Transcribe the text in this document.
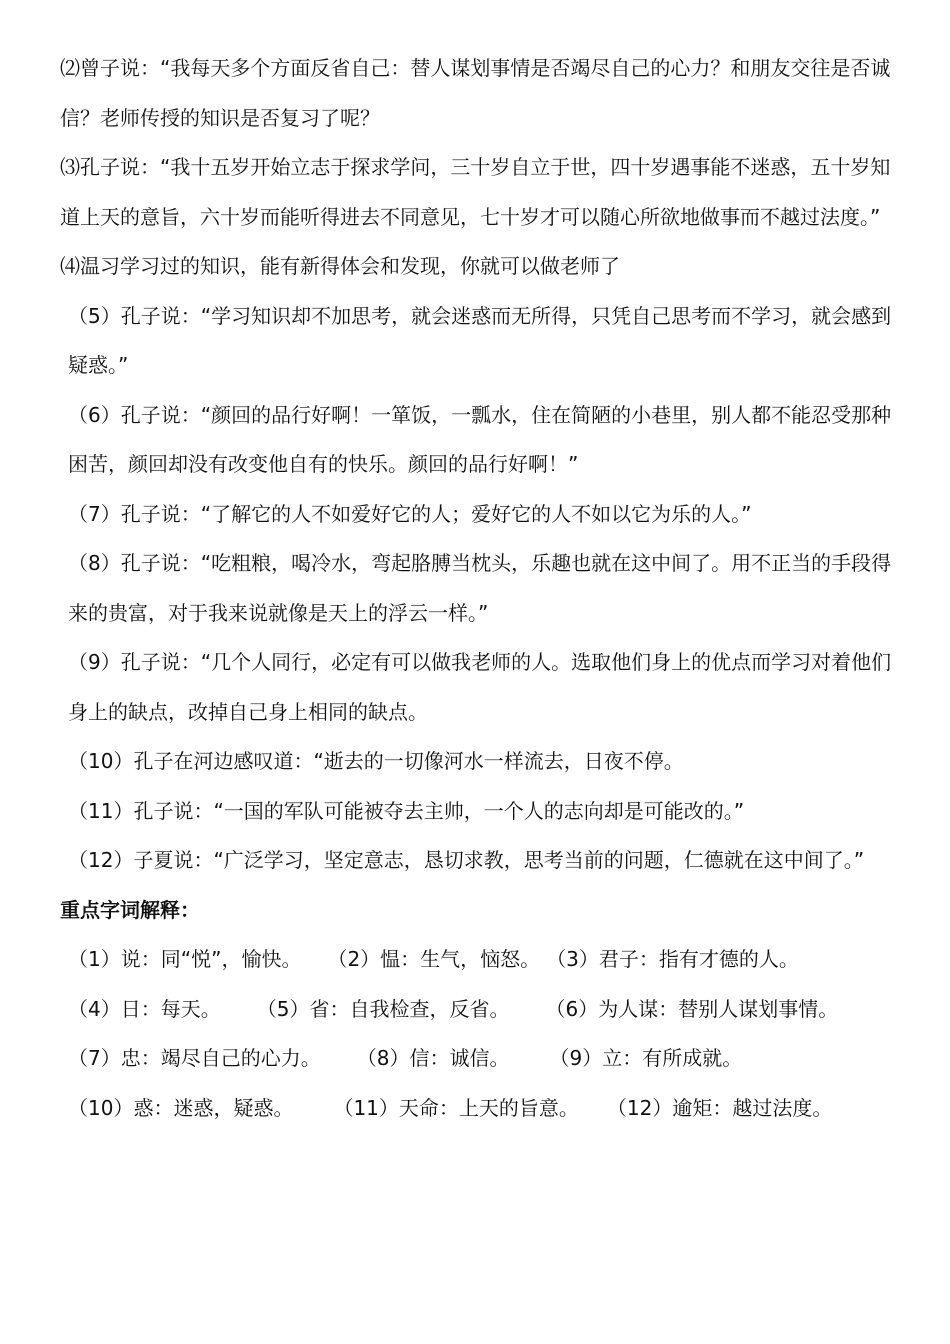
⑵曾子说：“我每天多个方面反省自己：替人谋划事情是否竭尽自己的心力？和朋友交往是否诚信？老师传授的知识是否复习了呢？

⑶孔子说：“我十五岁开始立志于探求学问，三十岁自立于世，四十岁遇事能不迷惑，五十岁知道上天的意旨，六十岁而能听得进去不同意见，七十岁才可以随心所欲地做事而不越过法度。”

⑷温习学习过的知识，能有新得体会和发现，你就可以做老师了

（5）孔子说：“学习知识却不加思考，就会迷惑而无所得，只凭自己思考而不学习，就会感到疑惑。”

（6）孔子说：“颜回的品行好啊！一箪饭，一瓢水，住在简陋的小巷里，别人都不能忍受那种困苦，颜回却没有改变他自有的快乐。颜回的品行好啊！”

（7）孔子说：“了解它的人不如爱好它的人；爱好它的人不如以它为乐的人。”

（8）孔子说：“吃粗粮，喝冷水，弯起胳膊当枕头，乐趣也就在这中间了。用不正当的手段得来的贵富，对于我来说就像是天上的浮云一样。”

（9）孔子说：“几个人同行，必定有可以做我老师的人。选取他们身上的优点而学习对着他们身上的缺点，改掉自己身上相同的缺点。

（10）孔子在河边感叹道：“逝去的一切像河水一样流去，日夜不停。

（11）孔子说：“一国的军队可能被夺去主帅，一个人的志向却是可能改的。”

（12）子夏说：“广泛学习，坚定意志，恳切求教，思考当前的问题，仁德就在这中间了。”

重点字词解释：

（1）说：同“悦”，愉快。 （2）愠：生气，恼怒。 （3）君子：指有才德的人。
（4）日：每天。 （5）省：自我检查，反省。 （6）为人谋：替别人谋划事情。
（7）忠：竭尽自己的心力。 （8）信：诚信。 （9）立：有所成就。
（10）惑：迷惑，疑惑。 （11）天命：上天的旨意。 （12）逾矩：越过法度。
